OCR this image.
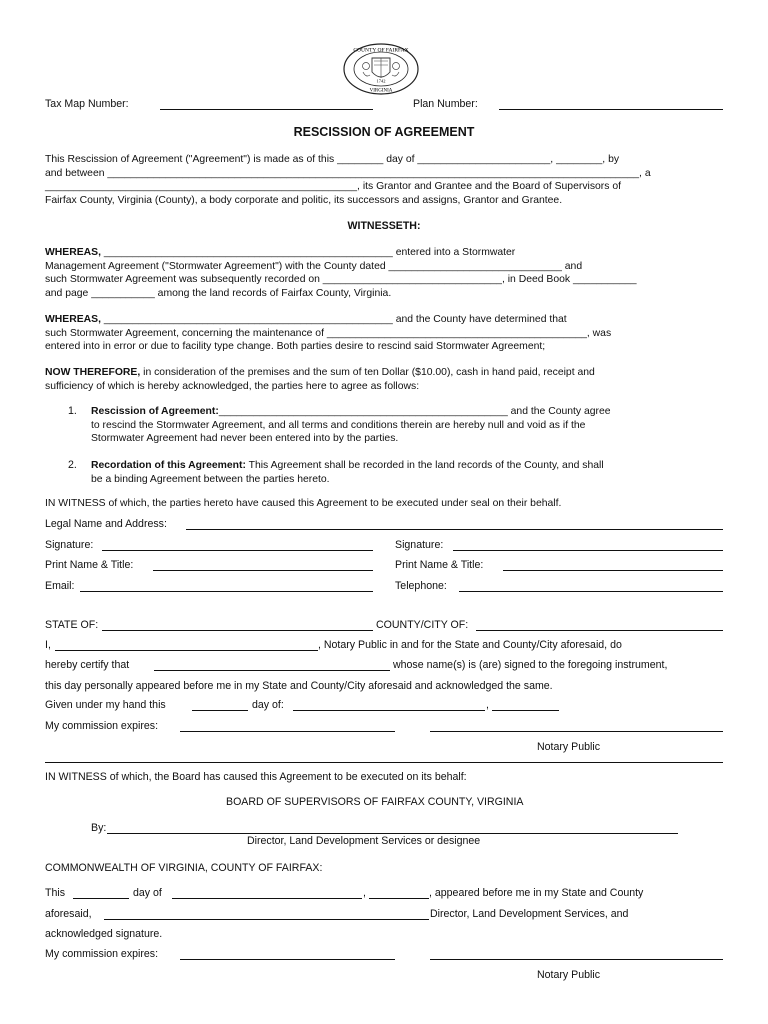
COUNTY OF FAIRFAX
1742
VIRGINIA
Tax Map Number:	Plan Number:
RESCISSION OF AGREEMENT
This Rescission of Agreement ("Agreement") is made as of this ________ day of _______________________, ________, by
and between ____________________________________________________________________________________________, a
______________________________________________________, its Grantor and Grantee and the Board of Supervisors of
Fairfax County, Virginia (County), a body corporate and politic, its successors and assigns, Grantor and Grantee.
WITNESSETH:
WHEREAS, __________________________________________________ entered into a Stormwater
Management Agreement ("Stormwater Agreement") with the County dated ______________________________ and
such Stormwater Agreement was subsequently recorded on _______________________________, in Deed Book ___________
and page ___________ among the land records of Fairfax County, Virginia.
WHEREAS, __________________________________________________ and the County have determined that
such Stormwater Agreement, concerning the maintenance of _____________________________________________, was
entered into in error or due to facility type change. Both parties desire to rescind said Stormwater Agreement;
NOW THEREFORE, in consideration of the premises and the sum of ten Dollar ($10.00), cash in hand paid, receipt and
sufficiency of which is hereby acknowledged, the parties here to agree as follows:
1. Rescission of Agreement:__________________________________________________ and the County agree
to rescind the Stormwater Agreement, and all terms and conditions therein are hereby null and void as if the
Stormwater Agreement had never been entered into by the parties.
2. Recordation of this Agreement: This Agreement shall be recorded in the land records of the County, and shall
be a binding Agreement between the parties hereto.
IN WITNESS of which, the parties hereto have caused this Agreement to be executed under seal on their behalf.
Legal Name and Address:
Signature:	Signature:
Print Name & Title:	Print Name & Title:
Email:	Telephone:
STATE OF:	COUNTY/CITY OF:
I,	, Notary Public in and for the State and County/City aforesaid, do
hereby certify that	whose name(s) is (are) signed to the foregoing instrument,
this day personally appeared before me in my State and County/City aforesaid and acknowledged the same.
Given under my hand this	day of:	,
My commission expires:
Notary Public
IN WITNESS of which, the Board has caused this Agreement to be executed on its behalf:
BOARD OF SUPERVISORS OF FAIRFAX COUNTY, VIRGINIA
By:
Director, Land Development Services or designee
COMMONWEALTH OF VIRGINIA, COUNTY OF FAIRFAX:
This	day of	,	, appeared before me in my State and County
aforesaid,	Director, Land Development Services, and
acknowledged signature.
My commission expires:
Notary Public
